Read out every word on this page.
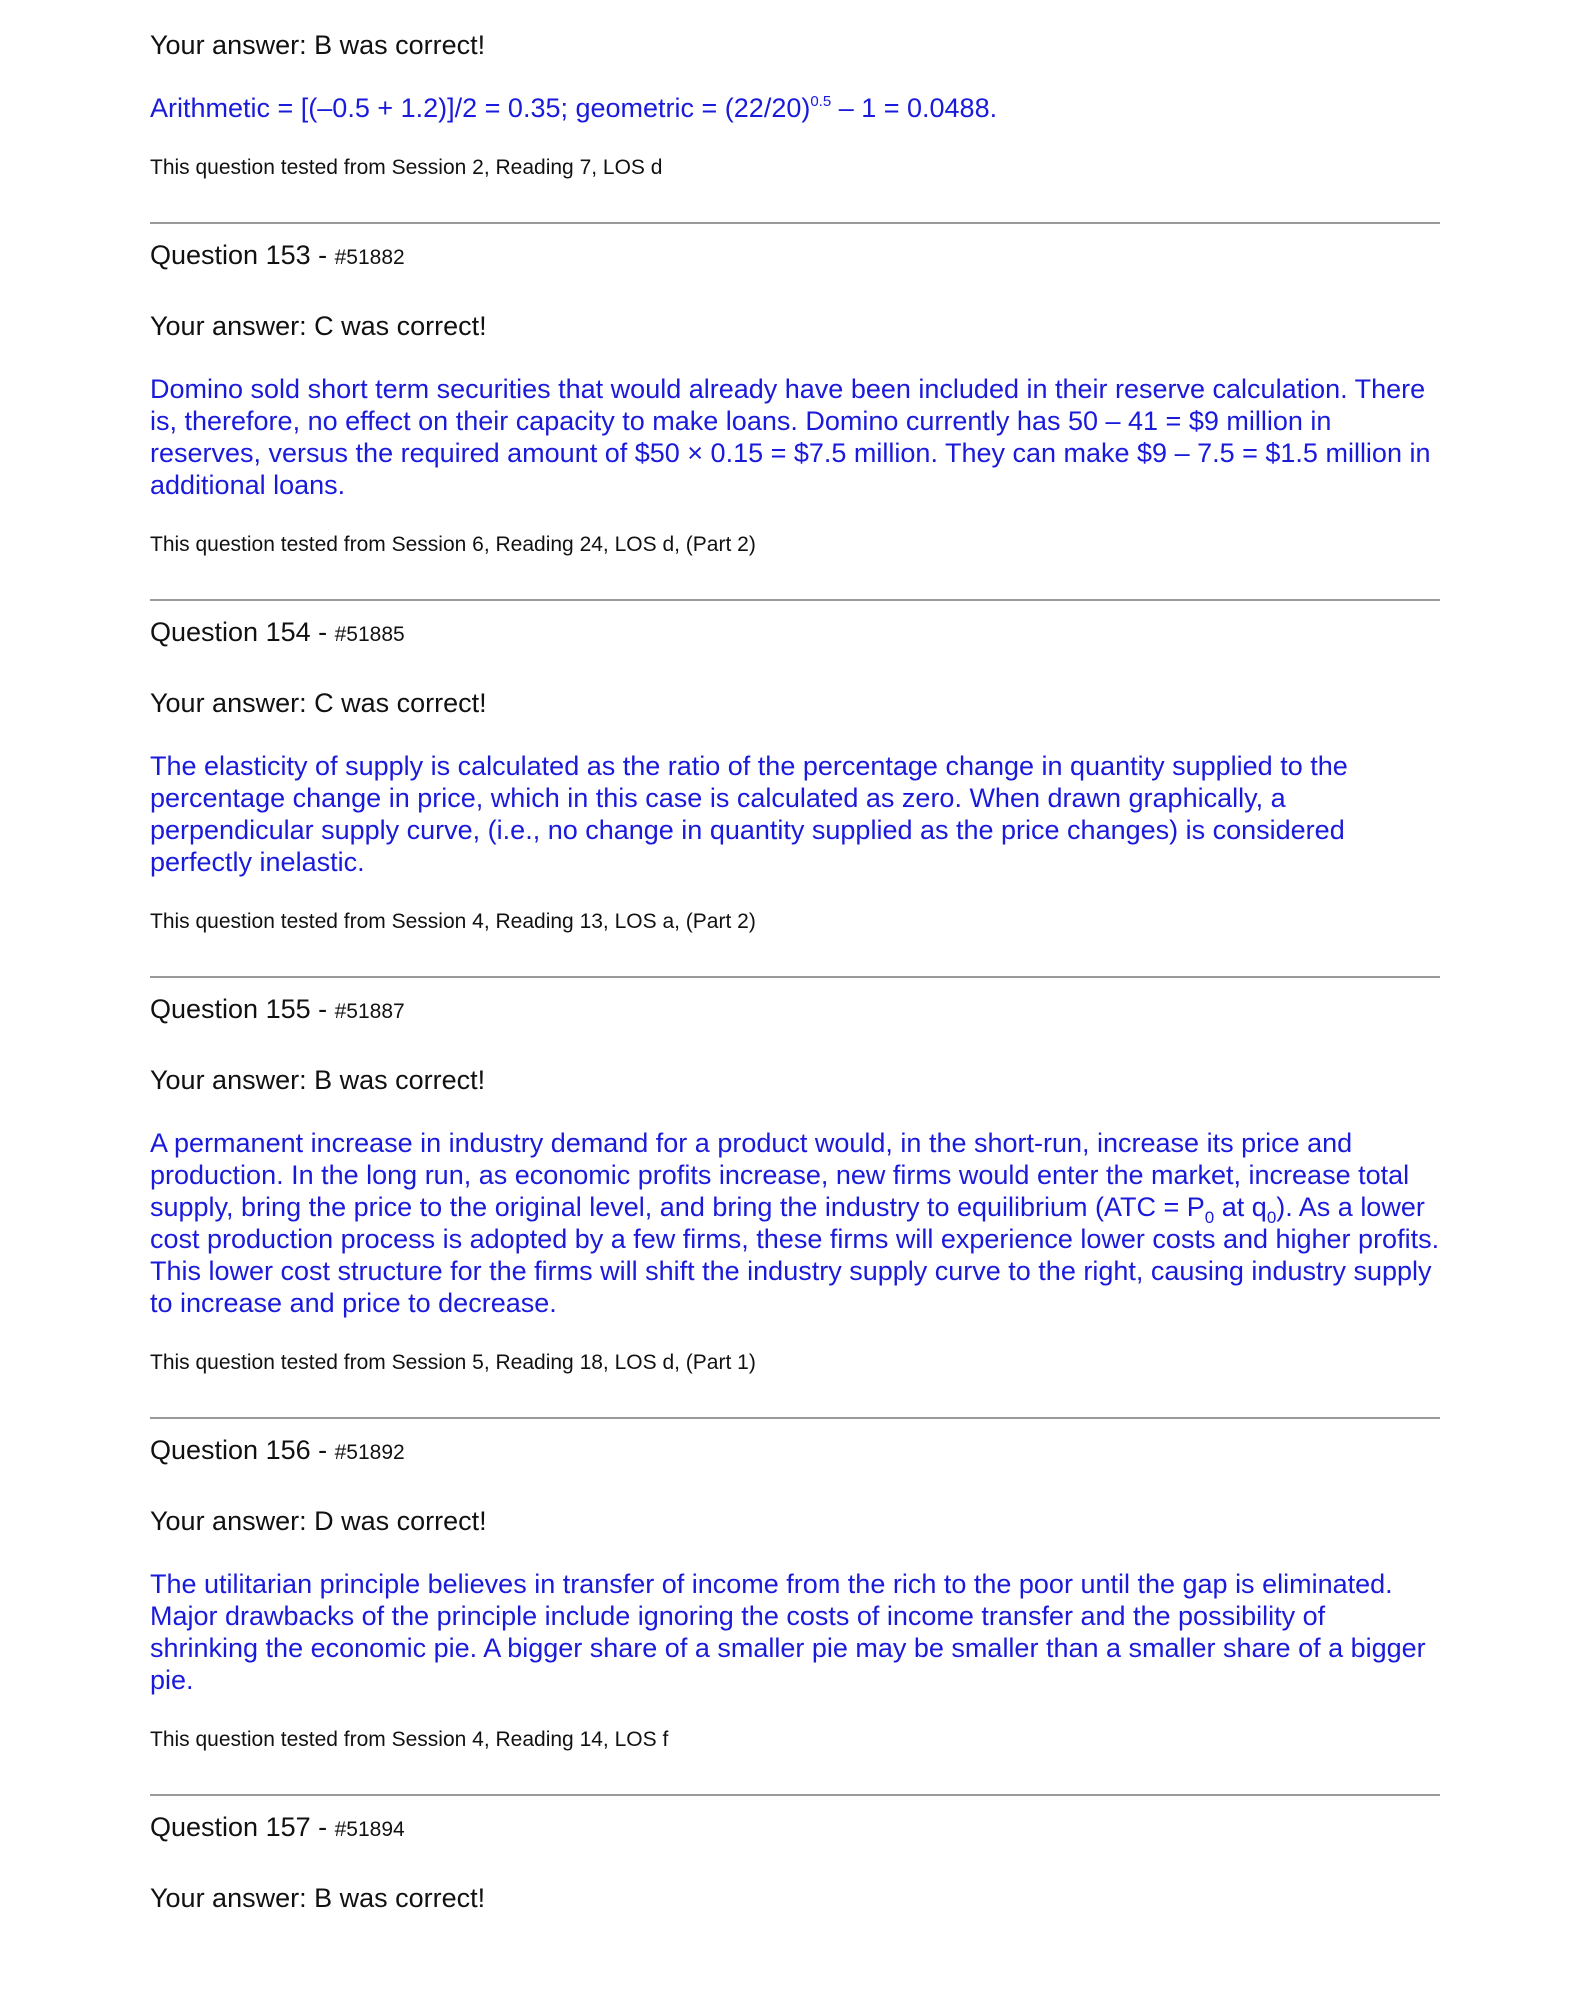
Your answer: B was correct!

Arithmetic = [(–0.5 + 1.2)]/2 = 0.35; geometric = $(22/20)^{0.5} - 1 = 0.0488$.

This question tested from Session 2, Reading 7, LOS d

Question 153 - #51882

Your answer: C was correct!

Domino sold short term securities that would already have been included in their reserve calculation. There is, therefore, no effect on their capacity to make loans. Domino currently has 50 – 41 = $9 million in reserves, versus the required amount of $50 × 0.15 = $7.5 million. They can make $9 – 7.5 = $1.5 million in additional loans.

This question tested from Session 6, Reading 24, LOS d, (Part 2)

Question 154 - #51885

Your answer: C was correct!

The elasticity of supply is calculated as the ratio of the percentage change in quantity supplied to the percentage change in price, which in this case is calculated as zero. When drawn graphically, a perpendicular supply curve, (i.e., no change in quantity supplied as the price changes) is considered perfectly inelastic.

This question tested from Session 4, Reading 13, LOS a, (Part 2)

Question 155 - #51887

Your answer: B was correct!

A permanent increase in industry demand for a product would, in the short-run, increase its price and production. In the long run, as economic profits increase, new firms would enter the market, increase total supply, bring the price to the original level, and bring the industry to equilibrium ($ATC = P_0$ at $q_0$). As a lower cost production process is adopted by a few firms, these firms will experience lower costs and higher profits. This lower cost structure for the firms will shift the industry supply curve to the right, causing industry supply to increase and price to decrease.

This question tested from Session 5, Reading 18, LOS d, (Part 1)

Question 156 - #51892

Your answer: D was correct!

The utilitarian principle believes in transfer of income from the rich to the poor until the gap is eliminated. Major drawbacks of the principle include ignoring the costs of income transfer and the possibility of shrinking the economic pie. A bigger share of a smaller pie may be smaller than a smaller share of a bigger pie.

This question tested from Session 4, Reading 14, LOS f

Question 157 - #51894

Your answer: B was correct!
